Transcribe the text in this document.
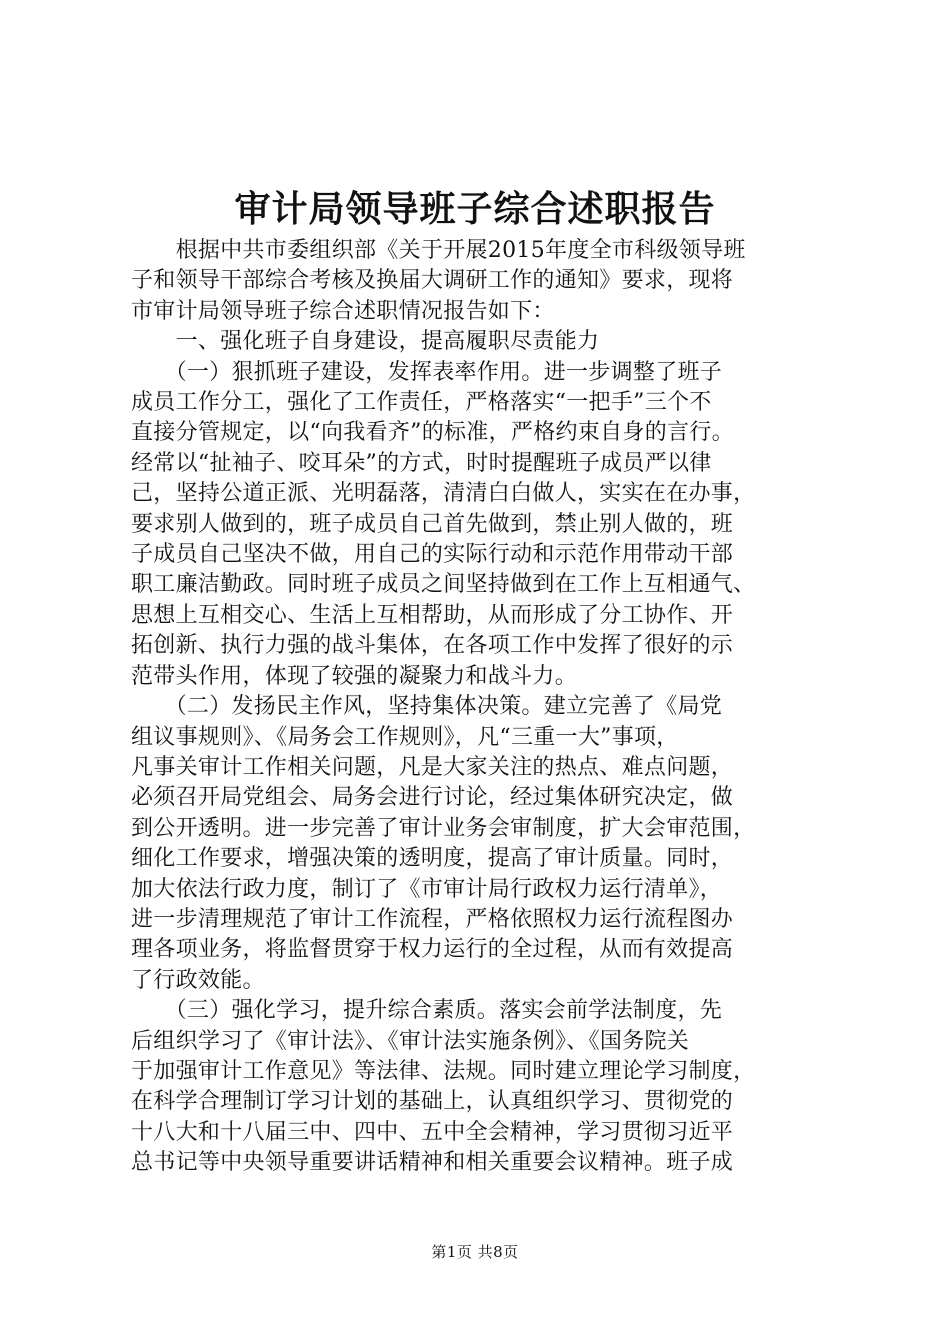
审计局领导班子综合述职报告
　　根据中共市委组织部《关于开展2015年度全市科级领导班
子和领导干部综合考核及换届大调研工作的通知》要求，现将
市审计局领导班子综合述职情况报告如下：
　　一、强化班子自身建设，提高履职尽责能力
　　（一）狠抓班子建设，发挥表率作用。进一步调整了班子
成员工作分工，强化了工作责任，严格落实“一把手”三个不
直接分管规定，以“向我看齐”的标准，严格约束自身的言行。
经常以“扯袖子、咬耳朵”的方式，时时提醒班子成员严以律
己，坚持公道正派、光明磊落，清清白白做人，实实在在办事，
要求别人做到的，班子成员自己首先做到，禁止别人做的，班
子成员自己坚决不做，用自己的实际行动和示范作用带动干部
职工廉洁勤政。同时班子成员之间坚持做到在工作上互相通气、
思想上互相交心、生活上互相帮助，从而形成了分工协作、开
拓创新、执行力强的战斗集体，在各项工作中发挥了很好的示
范带头作用，体现了较强的凝聚力和战斗力。
　　（二）发扬民主作风，坚持集体决策。建立完善了《局党
组议事规则》、《局务会工作规则》，凡“三重一大”事项，
凡事关审计工作相关问题，凡是大家关注的热点、难点问题，
必须召开局党组会、局务会进行讨论，经过集体研究决定，做
到公开透明。进一步完善了审计业务会审制度，扩大会审范围，
细化工作要求，增强决策的透明度，提高了审计质量。同时，
加大依法行政力度，制订了《市审计局行政权力运行清单》，
进一步清理规范了审计工作流程，严格依照权力运行流程图办
理各项业务，将监督贯穿于权力运行的全过程，从而有效提高
了行政效能。
　　（三）强化学习，提升综合素质。落实会前学法制度，先
后组织学习了《审计法》、《审计法实施条例》、《国务院关
于加强审计工作意见》等法律、法规。同时建立理论学习制度，
在科学合理制订学习计划的基础上，认真组织学习、贯彻党的
十八大和十八届三中、四中、五中全会精神，学习贯彻习近平
总书记等中央领导重要讲话精神和相关重要会议精神。班子成
第1页 共8页
